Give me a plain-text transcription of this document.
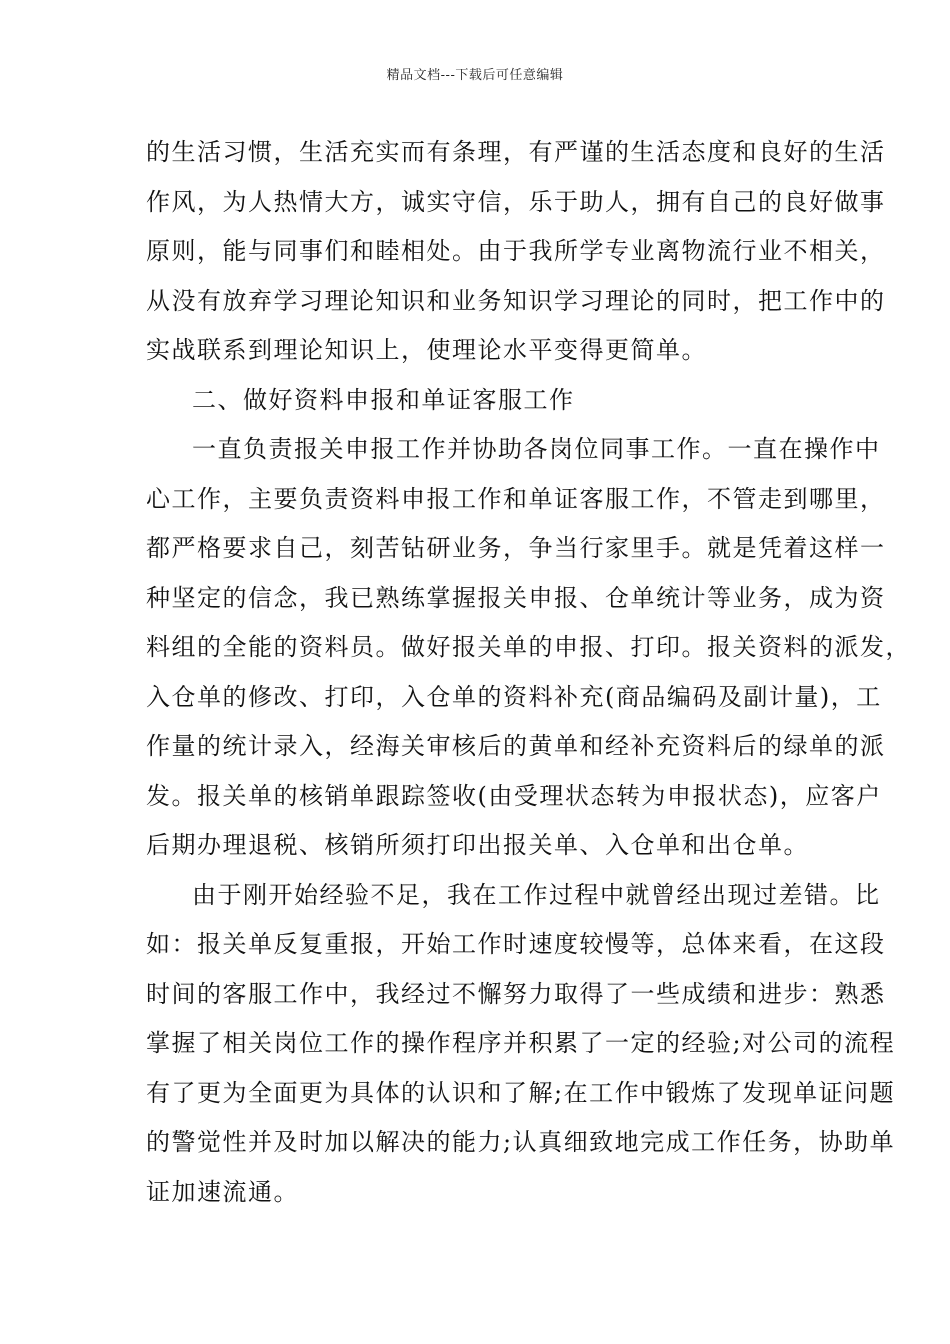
精品文档---下载后可任意编辑
的生活习惯，生活充实而有条理，有严谨的生活态度和良好的生活
作风，为人热情大方，诚实守信，乐于助人，拥有自己的良好做事
原则，能与同事们和睦相处。由于我所学专业离物流行业不相关，
从没有放弃学习理论知识和业务知识学习理论的同时，把工作中的
实战联系到理论知识上，使理论水平变得更简单。
二、做好资料申报和单证客服工作
一直负责报关申报工作并协助各岗位同事工作。一直在操作中
心工作，主要负责资料申报工作和单证客服工作，不管走到哪里，
都严格要求自己，刻苦钻研业务，争当行家里手。就是凭着这样一
种坚定的信念，我已熟练掌握报关申报、仓单统计等业务，成为资
料组的全能的资料员。做好报关单的申报、打印。报关资料的派发，
入仓单的修改、打印，入仓单的资料补充(商品编码及副计量)，工
作量的统计录入，经海关审核后的黄单和经补充资料后的绿单的派
发。报关单的核销单跟踪签收(由受理状态转为申报状态)，应客户
后期办理退税、核销所须打印出报关单、入仓单和出仓单。
由于刚开始经验不足，我在工作过程中就曾经出现过差错。比
如：报关单反复重报，开始工作时速度较慢等，总体来看，在这段
时间的客服工作中，我经过不懈努力取得了一些成绩和进步：熟悉
掌握了相关岗位工作的操作程序并积累了一定的经验;对公司的流程
有了更为全面更为具体的认识和了解;在工作中锻炼了发现单证问题
的警觉性并及时加以解决的能力;认真细致地完成工作任务，协助单
证加速流通。
